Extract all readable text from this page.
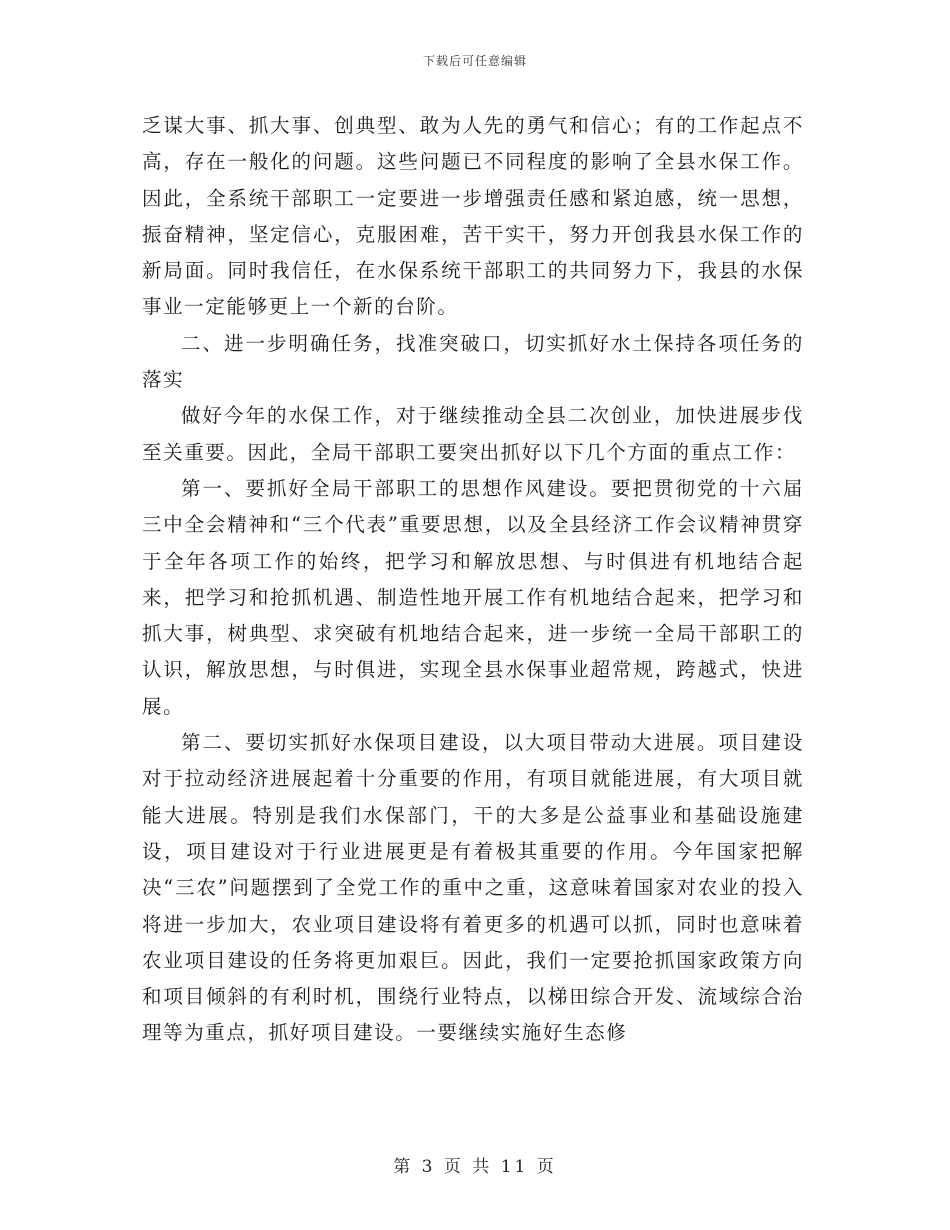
下载后可任意编辑

乏谋大事、抓大事、创典型、敢为人先的勇气和信心；有的工作起点不高，存在一般化的问题。这些问题已不同程度的影响了全县水保工作。因此，全系统干部职工一定要进一步增强责任感和紧迫感，统一思想，振奋精神，坚定信心，克服困难，苦干实干，努力开创我县水保工作的新局面。同时我信任，在水保系统干部职工的共同努力下，我县的水保事业一定能够更上一个新的台阶。

二、进一步明确任务，找准突破口，切实抓好水土保持各项任务的落实

做好今年的水保工作，对于继续推动全县二次创业，加快进展步伐至关重要。因此，全局干部职工要突出抓好以下几个方面的重点工作：

第一、要抓好全局干部职工的思想作风建设。要把贯彻党的十六届三中全会精神和“三个代表”重要思想，以及全县经济工作会议精神贯穿于全年各项工作的始终，把学习和解放思想、与时俱进有机地结合起来，把学习和抢抓机遇、制造性地开展工作有机地结合起来，把学习和抓大事，树典型、求突破有机地结合起来，进一步统一全局干部职工的认识，解放思想，与时俱进，实现全县水保事业超常规，跨越式，快进展。

第二、要切实抓好水保项目建设，以大项目带动大进展。项目建设对于拉动经济进展起着十分重要的作用，有项目就能进展，有大项目就能大进展。特别是我们水保部门，干的大多是公益事业和基础设施建设，项目建设对于行业进展更是有着极其重要的作用。今年国家把解决“三农”问题摆到了全党工作的重中之重，这意味着国家对农业的投入将进一步加大，农业项目建设将有着更多的机遇可以抓，同时也意味着农业项目建设的任务将更加艰巨。因此，我们一定要抢抓国家政策方向和项目倾斜的有利时机，围绕行业特点，以梯田综合开发、流域综合治理等为重点，抓好项目建设。一要继续实施好生态修

第 3 页 共 11 页
